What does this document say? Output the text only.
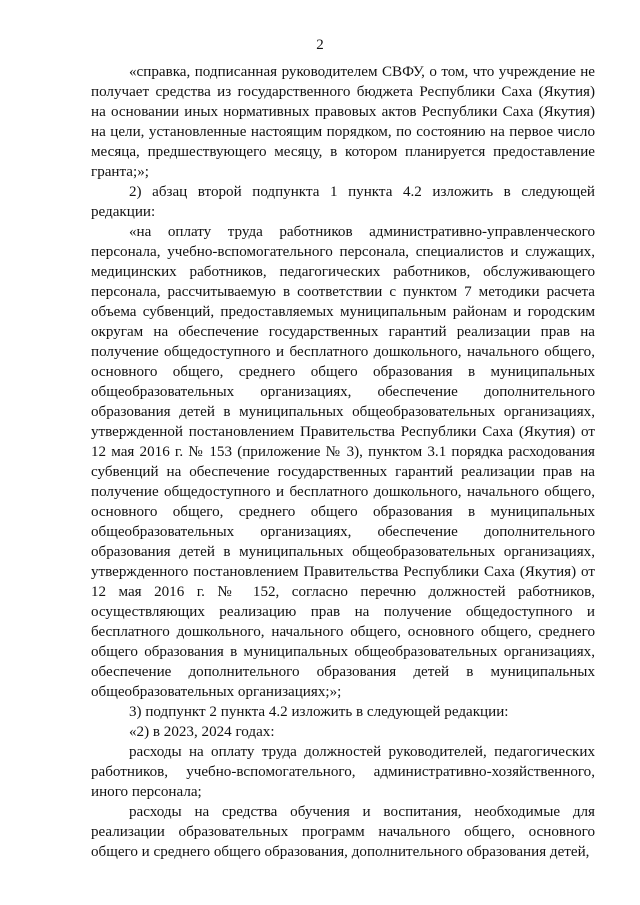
2

«справка, подписанная руководителем СВФУ, о том, что учреждение не получает средства из государственного бюджета Республики Саха (Якутия) на основании иных нормативных правовых актов Республики Саха (Якутия) на цели, установленные настоящим порядком, по состоянию на первое число месяца, предшествующего месяцу, в котором планируется предоставление гранта;»;

2) абзац второй подпункта 1 пункта 4.2 изложить в следующей редакции:

«на оплату труда работников административно-управленческого персонала, учебно-вспомогательного персонала, специалистов и служащих, медицинских работников, педагогических работников, обслуживающего персонала, рассчитываемую в соответствии с пунктом 7 методики расчета объема субвенций, предоставляемых муниципальным районам и городским округам на обеспечение государственных гарантий реализации прав на получение общедоступного и бесплатного дошкольного, начального общего, основного общего, среднего общего образования в муниципальных общеобразовательных организациях, обеспечение дополнительного образования детей в муниципальных общеобразовательных организациях, утвержденной постановлением Правительства Республики Саха (Якутия) от 12 мая 2016 г. № 153 (приложение № 3), пунктом 3.1 порядка расходования субвенций на обеспечение государственных гарантий реализации прав на получение общедоступного и бесплатного дошкольного, начального общего, основного общего, среднего общего образования в муниципальных общеобразовательных организациях, обеспечение дополнительного образования детей в муниципальных общеобразовательных организациях, утвержденного постановлением Правительства Республики Саха (Якутия) от 12 мая 2016 г. № 152, согласно перечню должностей работников, осуществляющих реализацию прав на получение общедоступного и бесплатного дошкольного, начального общего, основного общего, среднего общего образования в муниципальных общеобразовательных организациях, обеспечение дополнительного образования детей в муниципальных общеобразовательных организациях;»;

3) подпункт 2 пункта 4.2 изложить в следующей редакции:

«2) в 2023, 2024 годах:

расходы на оплату труда должностей руководителей, педагогических работников, учебно-вспомогательного, административно-хозяйственного, иного персонала;

расходы на средства обучения и воспитания, необходимые для реализации образовательных программ начального общего, основного общего и среднего общего образования, дополнительного образования детей,
